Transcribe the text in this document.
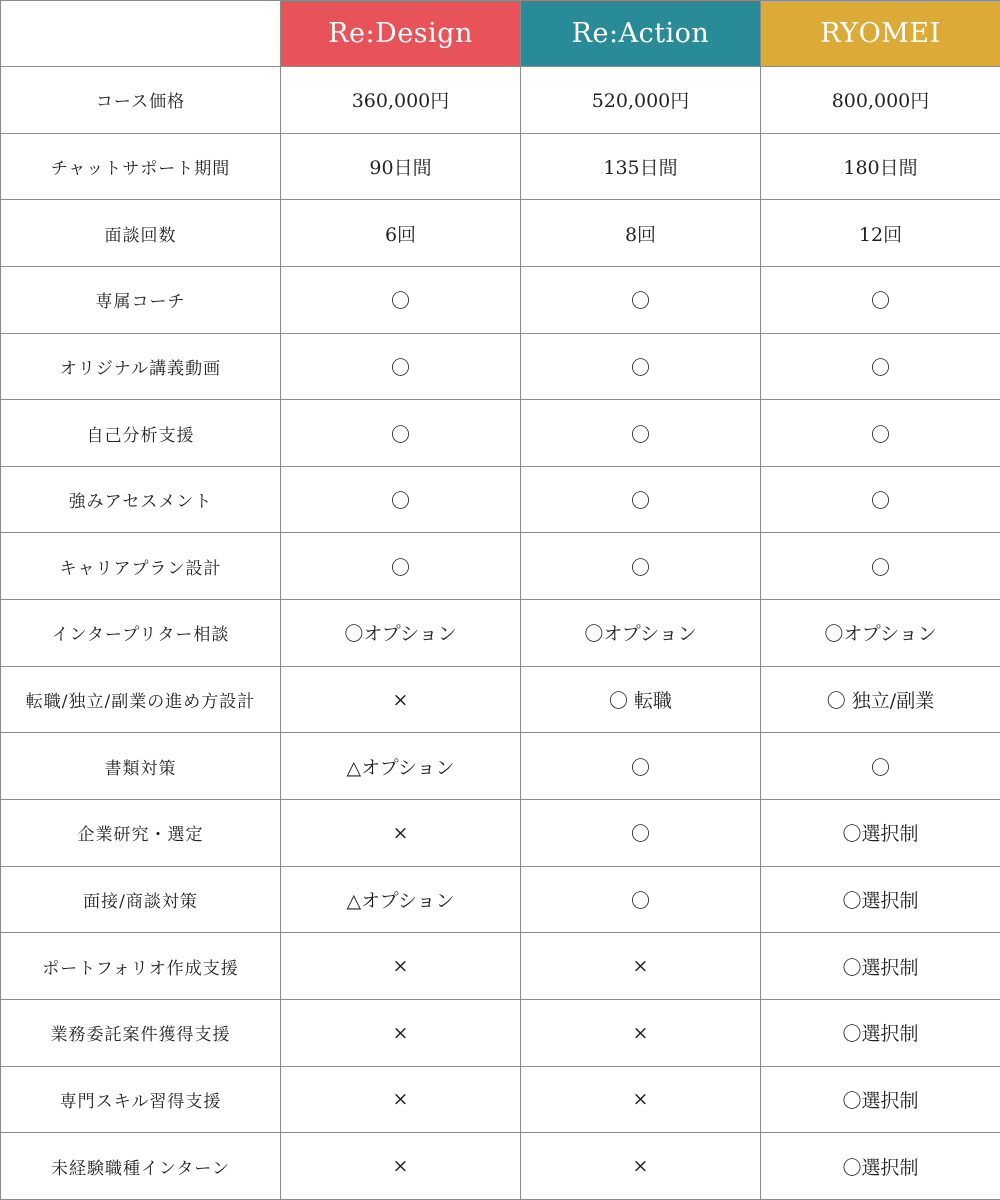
	Re:Design	Re:Action	RYOMEI
コース価格	360,000円	520,000円	800,000円
チャットサポート期間	90日間	135日間	180日間
面談回数	6回	8回	12回
専属コーチ	〇	〇	〇
オリジナル講義動画	〇	〇	〇
自己分析支援	〇	〇	〇
強みアセスメント	〇	〇	〇
キャリアプラン設計	〇	〇	〇
インタープリター相談	〇オプション	〇オプション	〇オプション
転職/独立/副業の進め方設計	×	〇 転職	〇 独立/副業
書類対策	△オプション	〇	〇
企業研究・選定	×	〇	〇選択制
面接/商談対策	△オプション	〇	〇選択制
ポートフォリオ作成支援	×	×	〇選択制
業務委託案件獲得支援	×	×	〇選択制
専門スキル習得支援	×	×	〇選択制
未経験職種インターン	×	×	〇選択制
